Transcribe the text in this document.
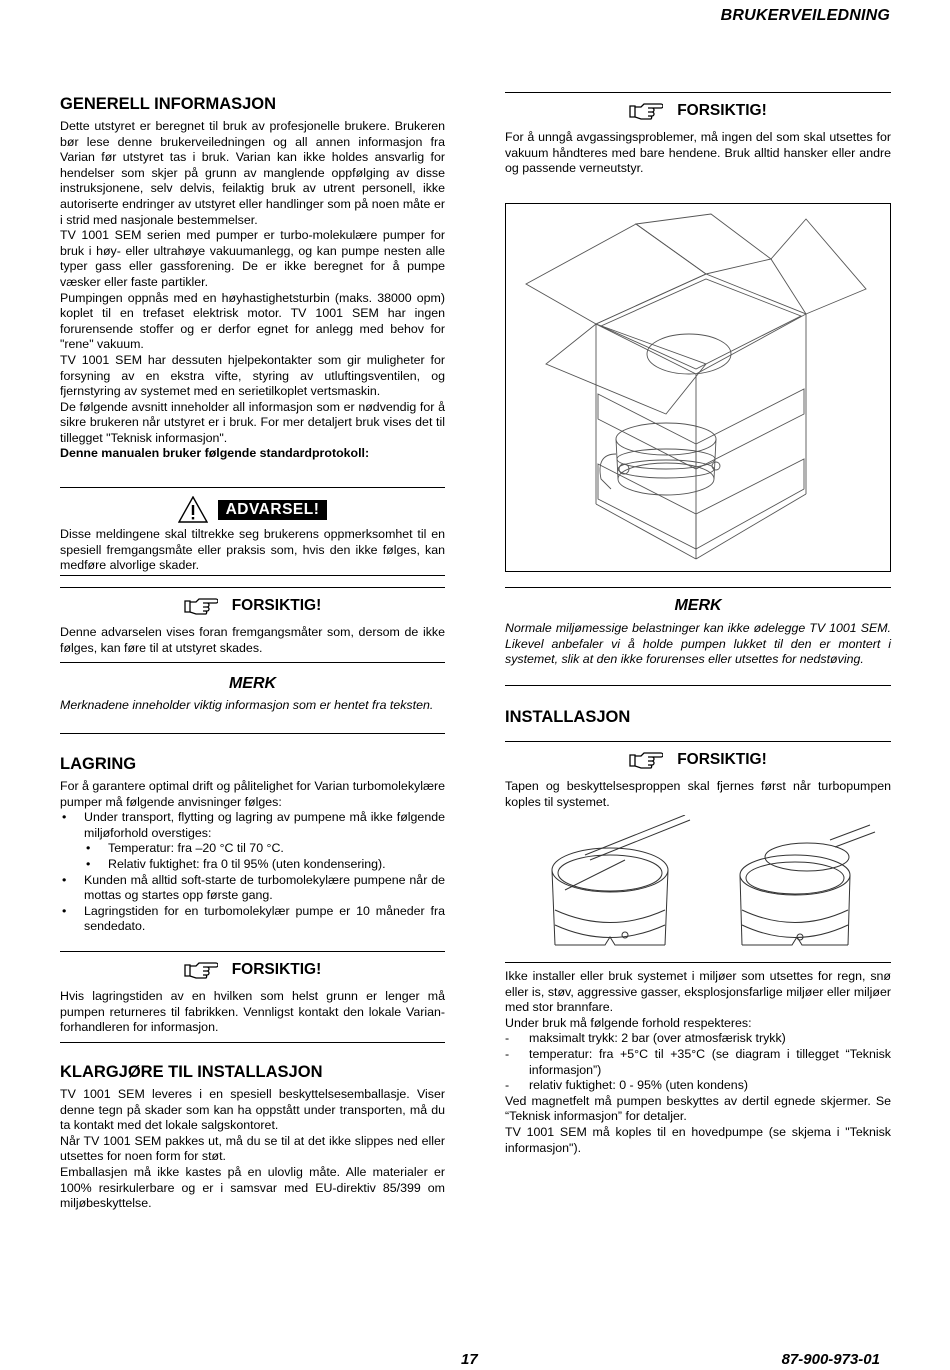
BRUKERVEILEDNING
GENERELL INFORMASJON

Dette utstyret er beregnet til bruk av profesjonelle brukere. Brukeren bør lese denne brukerveiledningen og all annen informasjon fra Varian før utstyret tas i bruk. Varian kan ikke holdes ansvarlig for hendelser som skjer på grunn av manglende oppfølging av disse instruksjonene, selv delvis, feilaktig bruk av utrent personell, ikke autoriserte endringer av utstyret eller handlinger som på noen måte er i strid med nasjonale bestemmelser.

TV 1001 SEM serien med pumper er turbo-molekulære pumper for bruk i høy- eller ultrahøye vakuumanlegg, og kan pumpe nesten alle typer gass eller gassforening. De er ikke beregnet for å pumpe væsker eller faste partikler.

Pumpingen oppnås med en høyhastighetsturbin (maks. 38000 opm) koplet til en trefaset elektrisk motor. TV 1001 SEM har ingen forurensende stoffer og er derfor egnet for anlegg med behov for "rene" vakuum.

TV 1001 SEM har dessuten hjelpekontakter som gir muligheter for forsyning av en ekstra vifte, styring av utluftingsventilen, og fjernstyring av systemet med en serietilkoplet vertsmaskin.

De følgende avsnitt inneholder all informasjon som er nødvendig for å sikre brukeren når utstyret er i bruk. For mer detaljert bruk vises det til tillegget "Teknisk informasjon".

Denne manualen bruker følgende standardprotokoll:

ADVARSEL!

Disse meldingene skal tiltrekke seg brukerens oppmerksomhet til en spesiell fremgangsmåte eller praksis som, hvis den ikke følges, kan medføre alvorlige skader.

FORSIKTIG!

Denne advarselen vises foran fremgangsmåter som, dersom de ikke følges, kan føre til at utstyret skades.

MERK

Merknadene inneholder viktig informasjon som er hentet fra teksten.

LAGRING

For å garantere optimal drift og pålitelighet for Varian turbomolekylære pumper må følgende anvisninger følges:

• Under transport, flytting og lagring av pumpene må ikke følgende miljøforhold overstiges:
• Temperatur: fra –20 °C til 70 °C.
• Relativ fuktighet: fra 0 til 95% (uten kondensering).
• Kunden må alltid soft-starte de turbomolekylære pumpene når de mottas og startes opp første gang.
• Lagringstiden for en turbomolekylær pumpe er 10 måneder fra sendedato.
FORSIKTIG!

Hvis lagringstiden av en hvilken som helst grunn er lenger må pumpen returneres til fabrikken. Vennligst kontakt den lokale Varian-forhandleren for informasjon.

KLARGJØRE TIL INSTALLASJON

TV 1001 SEM leveres i en spesiell beskyttelsesemballasje. Viser denne tegn på skader som kan ha oppstått under transporten, må du ta kontakt med det lokale salgskontoret.

Når TV 1001 SEM pakkes ut, må du se til at det ikke slippes ned eller utsettes for noen form for støt.

Emballasjen må ikke kastes på en ulovlig måte. Alle materialer er 100% resirkulerbare og er i samsvar med EU-direktiv 85/399 om miljøbeskyttelse.

FORSIKTIG!

For å unngå avgassingsproblemer, må ingen del som skal utsettes for vakuum håndteres med bare hendene. Bruk alltid hansker eller andre og passende verneutstyr.

MERK

Normale miljømessige belastninger kan ikke ødelegge TV 1001 SEM. Likevel anbefaler vi å holde pumpen lukket til den er montert i systemet, slik at den ikke forurenses eller utsettes for nedstøving.

INSTALLASJON
FORSIKTIG!

Tapen og beskyttelsesproppen skal fjernes først når turbopumpen koples til systemet.

Ikke installer eller bruk systemet i miljøer som utsettes for regn, snø eller is, støv, aggressive gasser, eksplosjonsfarlige miljøer eller miljøer med stor brannfare.

Under bruk må følgende forhold respekteres:

- maksimalt trykk: 2 bar (over atmosfærisk trykk)
- temperatur: fra +5°C til +35°C (se diagram i tillegget “Teknisk informasjon”)
- relativ fuktighet: 0 - 95% (uten kondens)

Ved magnetfelt må pumpen beskyttes av dertil egnede skjermer. Se “Teknisk informasjon” for detaljer.

TV 1001 SEM må koples til en hovedpumpe (se skjema i "Teknisk informasjon").

17	87-900-973-01
